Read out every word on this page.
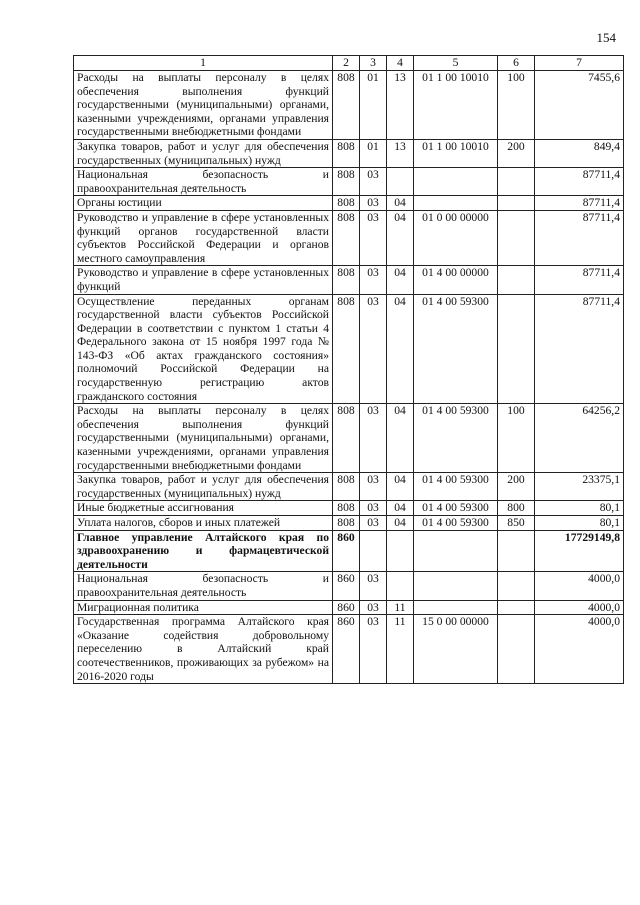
154
1	2	3	4	5	6	7
Расходы на выплаты персоналу в целях обеспечения выполнения функций государственными (муниципальными) органами, казенными учреждениями, органами управления государственными внебюджетными фондами	808	01	13	01 1 00 10010	100	7455,6
Закупка товаров, работ и услуг для обеспечения государственных (муниципальных) нужд	808	01	13	01 1 00 10010	200	849,4
Национальная безопасность и правоохранительная деятельность	808	03				87711,4
Органы юстиции	808	03	04			87711,4
Руководство и управление в сфере установленных функций органов государственной власти субъектов Российской Федерации и органов местного самоуправления	808	03	04	01 0 00 00000		87711,4
Руководство и управление в сфере установленных функций	808	03	04	01 4 00 00000		87711,4
Осуществление переданных органам государственной власти субъектов Российской Федерации в соответствии с пунктом 1 статьи 4 Федерального закона от 15 ноября 1997 года № 143-ФЗ «Об актах гражданского состояния» полномочий Российской Федерации на государственную регистрацию актов гражданского состояния	808	03	04	01 4 00 59300		87711,4
Расходы на выплаты персоналу в целях обеспечения выполнения функций государственными (муниципальными) органами, казенными учреждениями, органами управления государственными внебюджетными фондами	808	03	04	01 4 00 59300	100	64256,2
Закупка товаров, работ и услуг для обеспечения государственных (муниципальных) нужд	808	03	04	01 4 00 59300	200	23375,1
Иные бюджетные ассигнования	808	03	04	01 4 00 59300	800	80,1
Уплата налогов, сборов и иных платежей	808	03	04	01 4 00 59300	850	80,1
Главное управление Алтайского края по здравоохранению и фармацевтической деятельности	860					17729149,8
Национальная безопасность и правоохранительная деятельность	860	03				4000,0
Миграционная политика	860	03	11			4000,0
Государственная программа Алтайского края «Оказание содействия добровольному переселению в Алтайский край соотечественников, проживающих за рубежом» на 2016-2020 годы	860	03	11	15 0 00 00000		4000,0
